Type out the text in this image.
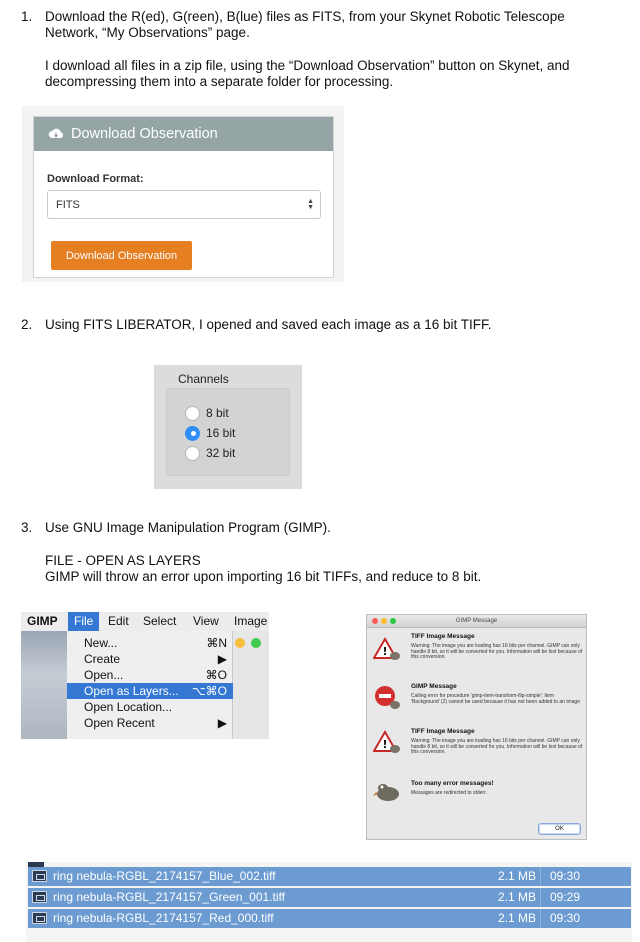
1. Download the R(ed), G(reen), B(lue) files as FITS, from your Skynet Robotic Telescope
Network, “My Observations” page.
I download all files in a zip file, using the “Download Observation” button on Skynet, and
decompressing them into a separate folder for processing.
Download Observation
Download Format:
FITS	▲
▼
Download Observation
2. Using FITS LIBERATOR, I opened and saved each image as a 16 bit TIFF.
Channels
8 bit
16 bit
32 bit
3. Use GNU Image Manipulation Program (GIMP).
FILE - OPEN AS LAYERS
GIMP will throw an error upon importing 16 bit TIFFs, and reduce to 8 bit.
GIMP	File	Edit Select View Image
New...	⌘N
Create	▶
Open...	⌘O
Open as Layers... ⌥⌘O
Open Location...
Open Recent	▶
GIMP Message
!
TIFF Image Message
Warning: The image you are loading has 16 bits per channel. GIMP can only handle 8 bit, so it will be converted for you. Information will be lost because of this conversion.
GIMP Message
Calling error for procedure 'gimp-item-transform-flip-simple': Item 'Background' (2) cannot be used because it has not been added to an image
!
TIFF Image Message
Warning: The image you are loading has 16 bits per channel. GIMP can only handle 8 bit, so it will be converted for you. Information will be lost because of this conversion.
Too many error messages!
Messages are redirected to stderr.
OK
ring nebula-RGBL_2174157_Blue_002.tiff	2.1 MB 09:30
ring nebula-RGBL_2174157_Green_001.tiff	2.1 MB 09:29
ring nebula-RGBL_2174157_Red_000.tiff	2.1 MB 09:30
